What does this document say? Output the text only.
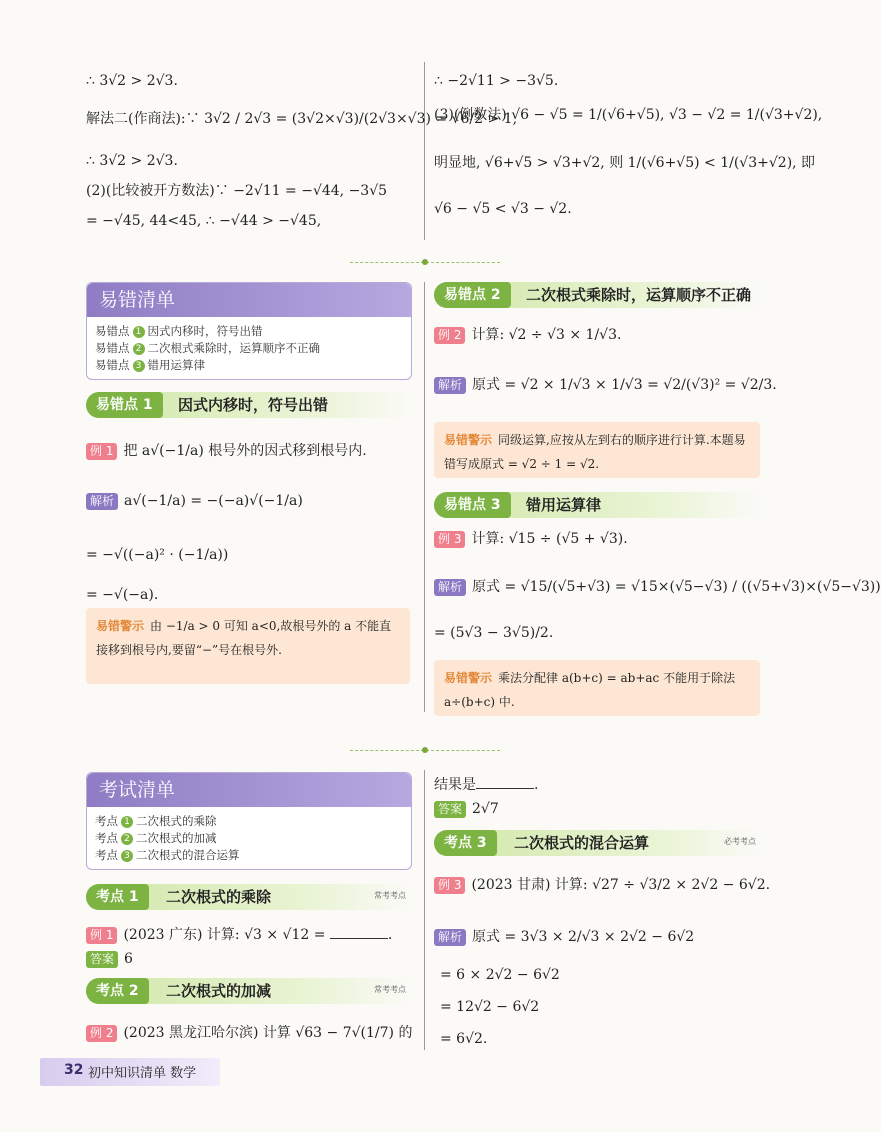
∴ 3√2 > 2√3.
解法二(作商法):∵ 3√2 / 2√3 = (3√2×√3)/(2√3×√3) = √6/2 > 1,
∴ 3√2 > 2√3.
(2)(比较被开方数法)∵ −2√11 = −√44, −3√5
= −√45, 44<45, ∴ −√44 > −√45,
∴ −2√11 > −3√5.
(3)(倒数法) √6 − √5 = 1/(√6+√5), √3 − √2 = 1/(√3+√2),
明显地, √6+√5 > √3+√2, 则 1/(√6+√5) < 1/(√3+√2), 即
√6 − √5 < √3 − √2.
易错清单
易错点 1 因式内移时，符号出错
易错点 2 二次根式乘除时，运算顺序不正确
易错点 3 错用运算律
易错点 1	因式内移时，符号出错
例 1 把 a√(−1/a) 根号外的因式移到根号内.
解析 a√(−1/a) = −(−a)√(−1/a)
= −√((−a)² · (−1/a))
= −√(−a).
易错警示 由 −1/a > 0 可知 a<0,故根号外的 a 不能直接移到根号内,要留“−”号在根号外.
易错点 2	二次根式乘除时，运算顺序不正确
例 2 计算: √2 ÷ √3 × 1/√3.
解析 原式 = √2 × 1/√3 × 1/√3 = √2/(√3)² = √2/3.
易错警示 同级运算,应按从左到右的顺序进行计算.本题易错写成原式 = √2 ÷ 1 = √2.
易错点 3	错用运算律
例 3 计算: √15 ÷ (√5 + √3).
解析 原式 = √15/(√5+√3) = √15×(√5−√3) / ((√5+√3)×(√5−√3))
= (5√3 − 3√5)/2.
易错警示 乘法分配律 a(b+c) = ab+ac 不能用于除法 a÷(b+c) 中.
考试清单
考点 1 二次根式的乘除
考点 2 二次根式的加减
考点 3 二次根式的混合运算
考点 1	二次根式的乘除	常考考点
例 1 (2023 广东) 计算: √3 × √12 =	.
答案 6
考点 2	二次根式的加减	常考考点
例 2 (2023 黑龙江哈尔滨) 计算 √63 − 7√(1/7) 的
结果是	.
答案 2√7
考点 3	二次根式的混合运算	必考考点
例 3 (2023 甘肃) 计算: √27 ÷ √3/2 × 2√2 − 6√2.
解析 原式 = 3√3 × 2/√3 × 2√2 − 6√2
= 6 × 2√2 − 6√2
= 12√2 − 6√2
= 6√2.
32 初中知识清单 数学
